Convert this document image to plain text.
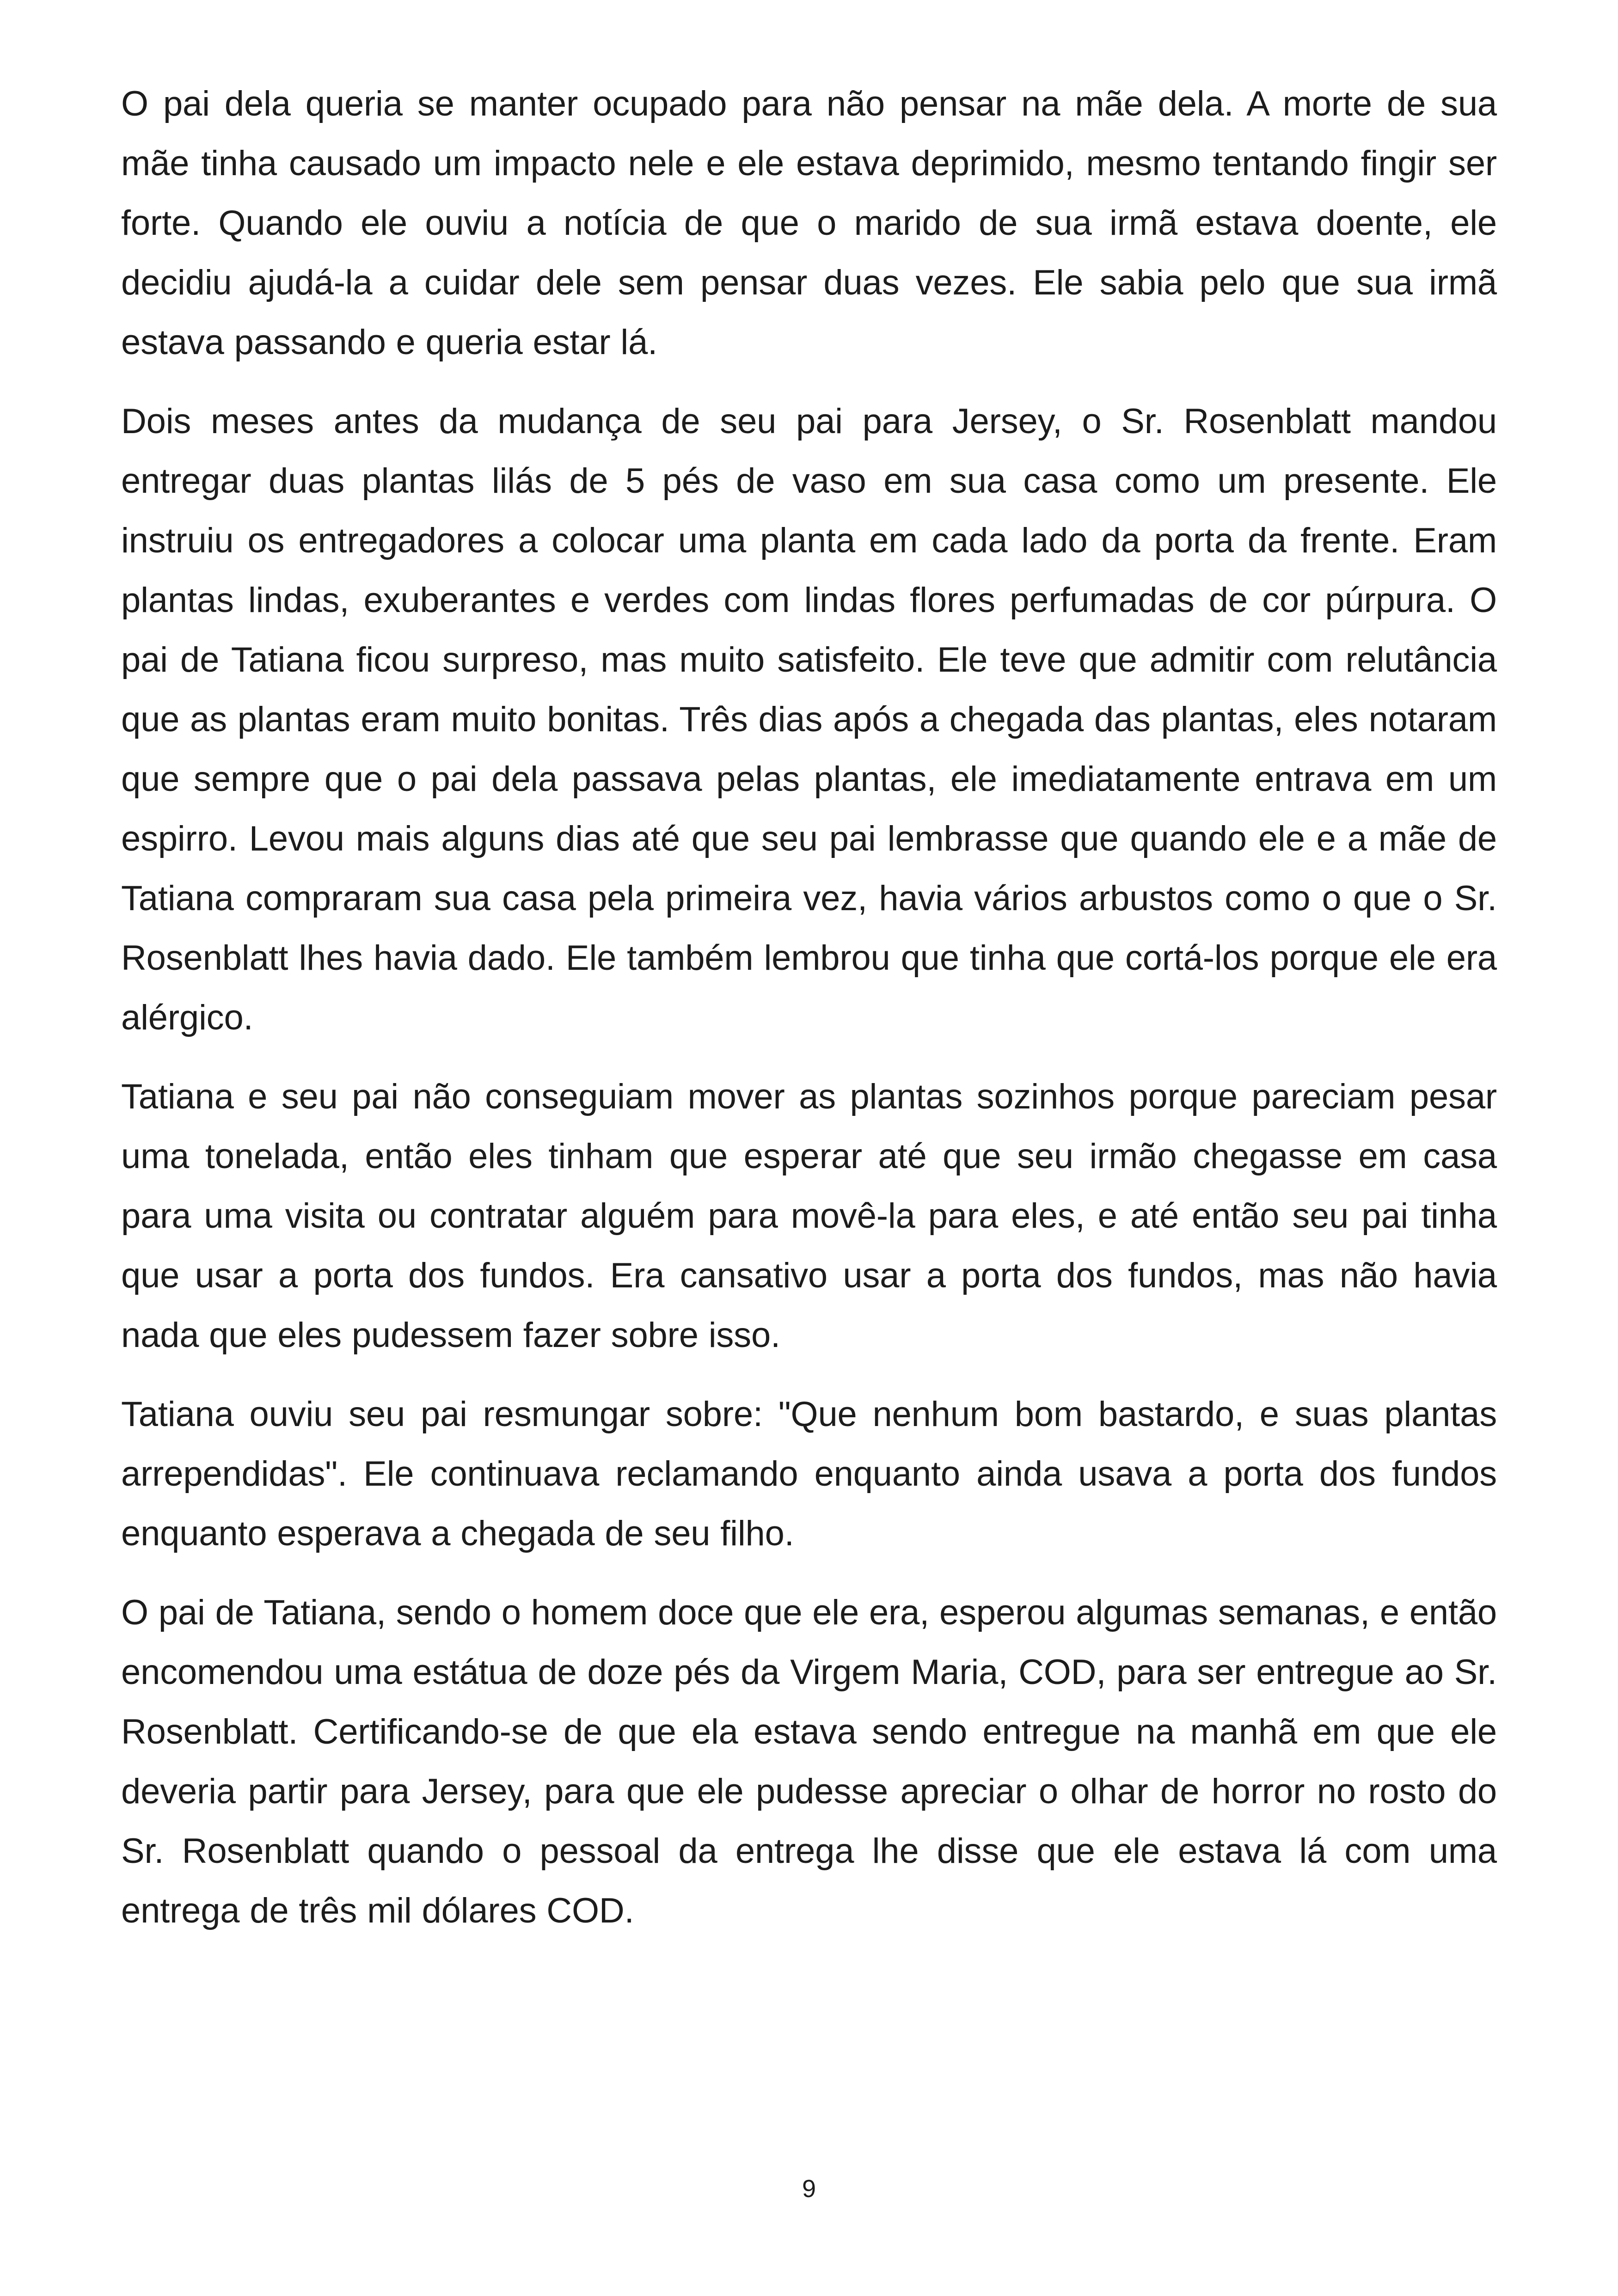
O pai dela queria se manter ocupado para não pensar na mãe dela. A morte de sua mãe tinha causado um impacto nele e ele estava deprimido, mesmo tentando fingir ser forte. Quando ele ouviu a notícia de que o marido de sua irmã estava doente, ele decidiu ajudá-la a cuidar dele sem pensar duas vezes. Ele sabia pelo que sua irmã estava passando e queria estar lá.

Dois meses antes da mudança de seu pai para Jersey, o Sr. Rosenblatt mandou entregar duas plantas lilás de 5 pés de vaso em sua casa como um presente. Ele instruiu os entregadores a colocar uma planta em cada lado da porta da frente. Eram plantas lindas, exuberantes e verdes com lindas flores perfumadas de cor púrpura. O pai de Tatiana ficou surpreso, mas muito satisfeito. Ele teve que admitir com relutância que as plantas eram muito bonitas. Três dias após a chegada das plantas, eles notaram que sempre que o pai dela passava pelas plantas, ele imediatamente entrava em um espirro. Levou mais alguns dias até que seu pai lembrasse que quando ele e a mãe de Tatiana compraram sua casa pela primeira vez, havia vários arbustos como o que o Sr. Rosenblatt lhes havia dado. Ele também lembrou que tinha que cortá-los porque ele era alérgico.

Tatiana e seu pai não conseguiam mover as plantas sozinhos porque pareciam pesar uma tonelada, então eles tinham que esperar até que seu irmão chegasse em casa para uma visita ou contratar alguém para movê-la para eles, e até então seu pai tinha que usar a porta dos fundos. Era cansativo usar a porta dos fundos, mas não havia nada que eles pudessem fazer sobre isso.

Tatiana ouviu seu pai resmungar sobre: "Que nenhum bom bastardo, e suas plantas arrependidas". Ele continuava reclamando enquanto ainda usava a porta dos fundos enquanto esperava a chegada de seu filho.

O pai de Tatiana, sendo o homem doce que ele era, esperou algumas semanas, e então encomendou uma estátua de doze pés da Virgem Maria, COD, para ser entregue ao Sr. Rosenblatt. Certificando-se de que ela estava sendo entregue na manhã em que ele deveria partir para Jersey, para que ele pudesse apreciar o olhar de horror no rosto do Sr. Rosenblatt quando o pessoal da entrega lhe disse que ele estava lá com uma entrega de três mil dólares COD.

9
